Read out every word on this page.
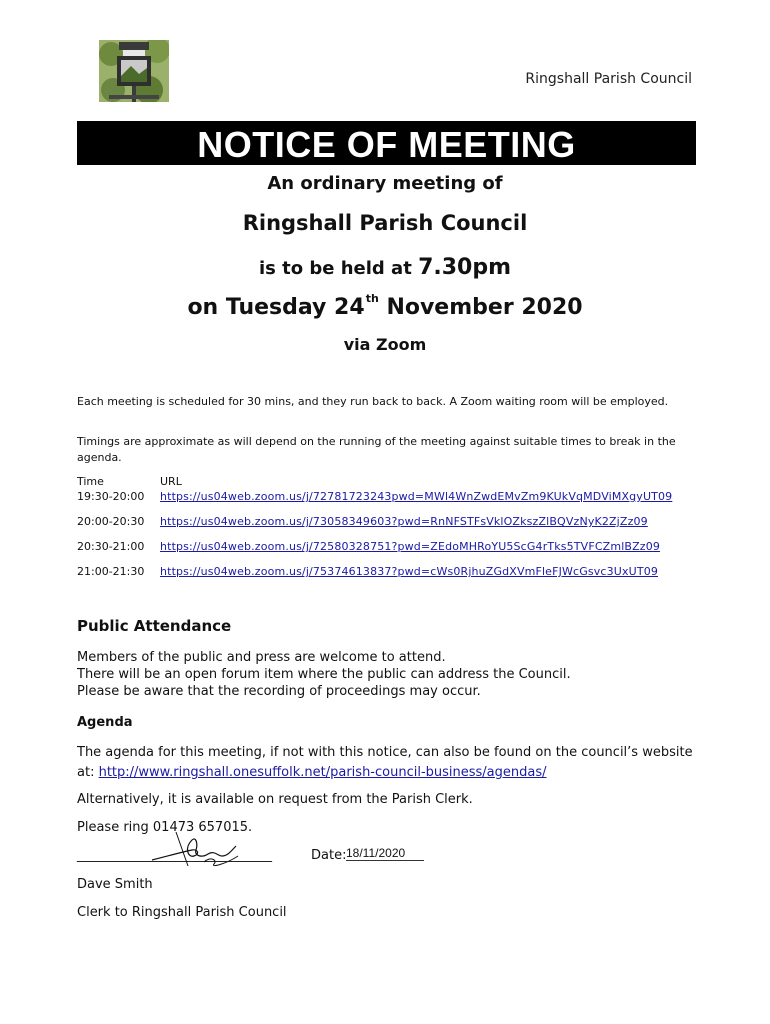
Ringshall Parish Council
NOTICE OF MEETING
An ordinary meeting of
Ringshall Parish Council
is to be held at 7.30pm
on Tuesday 24th November 2020
via Zoom
Each meeting is scheduled for 30 mins, and they run back to back. A Zoom waiting room will be employed.
Timings are approximate as will depend on the running of the meeting against suitable times to break in the agenda.
Time	URL
19:30-20:00 https://us04web.zoom.us/j/72781723243pwd=MWl4WnZwdEMvZm9KUkVqMDViMXgyUT09
20:00-20:30 https://us04web.zoom.us/j/73058349603?pwd=RnNFSTFsVklOZkszZlBQVzNyK2ZjZz09
20:30-21:00 https://us04web.zoom.us/j/72580328751?pwd=ZEdoMHRoYU5ScG4rTks5TVFCZmlBZz09
21:00-21:30 https://us04web.zoom.us/j/75374613837?pwd=cWs0RjhuZGdXVmFleFJWcGsvc3UxUT09
Public Attendance
Members of the public and press are welcome to attend.
There will be an open forum item where the public can address the Council.
Please be aware that the recording of proceedings may occur.
Agenda
The agenda for this meeting, if not with this notice, can also be found on the council’s website at: http://www.ringshall.onesuffolk.net/parish-council-business/agendas/
Alternatively, it is available on request from the Parish Clerk.
Please ring 01473 657015.
______________________________	Date: 18/11/2020
Dave Smith
Clerk to Ringshall Parish Council
